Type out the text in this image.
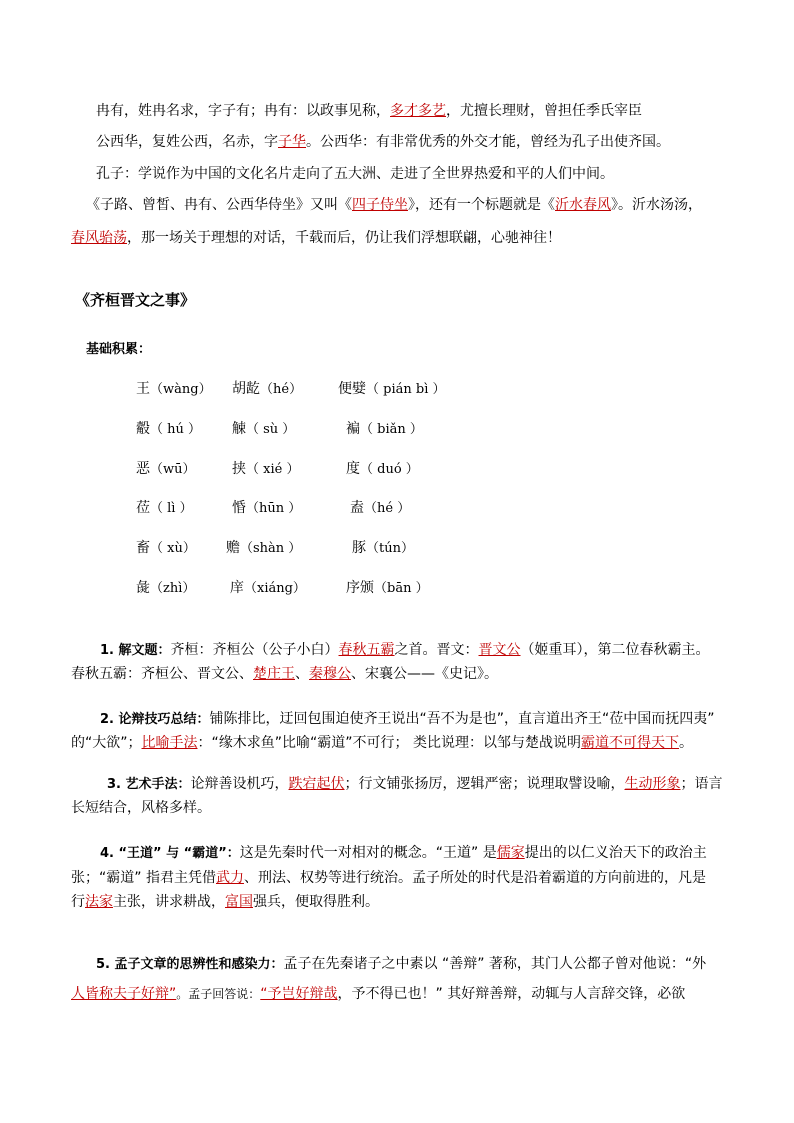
冉有，姓冉名求，字子有；冉有：以政事见称，多才多艺，尤擅长理财，曾担任季氏宰臣
公西华，复姓公西，名赤，字子华。公西华：有非常优秀的外交才能，曾经为孔子出使齐国。
孔子：学说作为中国的文化名片走向了五大洲、走进了全世界热爱和平的人们中间。
《子路、曾皙、冉有、公西华侍坐》又叫《四子侍坐》，还有一个标题就是《沂水春风》。沂水汤汤，
春风骀荡，那一场关于理想的对话，千载而后，仍让我们浮想联翩，心驰神往！
《齐桓晋文之事》
基础积累：
王（wàng） 胡龁（hé）	便嬖（ pián bì ）
觳（ hú ） 觫（ sù ）	褊（ biǎn ）
恶（wū）	挟（ xié ）	度（ duó ）
莅（ lì ）	惛（hūn ）	盍（hé ）
畜（ xù） 赡（shàn ）	豚（tún）
彘（zhì） 庠（xiáng）	序颁（bān ）
1. 解文题：齐桓：齐桓公（公子小白）春秋五霸之首。晋文：晋文公（姬重耳），第二位春秋霸主。
春秋五霸：齐桓公、晋文公、楚庄王、秦穆公、宋襄公——《史记》。
2. 论辩技巧总结：铺陈排比，迂回包围迫使齐王说出“吾不为是也”，直言道出齐王“莅中国而抚四夷”
的“大欲”；比喻手法：“缘木求鱼”比喻“霸道”不可行； 类比说理：以邹与楚战说明霸道不可得天下。
3. 艺术手法：论辩善设机巧，跌宕起伏；行文铺张扬厉，逻辑严密；说理取譬设喻，生动形象；语言
长短结合，风格多样。
4. “王道” 与 “霸道”：这是先秦时代一对相对的概念。“王道” 是儒家提出的以仁义治天下的政治主
张；“霸道” 指君主凭借武力、刑法、权势等进行统治。孟子所处的时代是沿着霸道的方向前进的，凡是
行法家主张，讲求耕战，富国强兵，便取得胜利。
5. 孟子文章的思辨性和感染力：孟子在先秦诸子之中素以 “善辩” 著称，其门人公都子曾对他说：“外
人皆称夫子好辩”。孟子回答说：“予岂好辩哉，予不得已也！” 其好辩善辩，动辄与人言辞交锋，必欲
